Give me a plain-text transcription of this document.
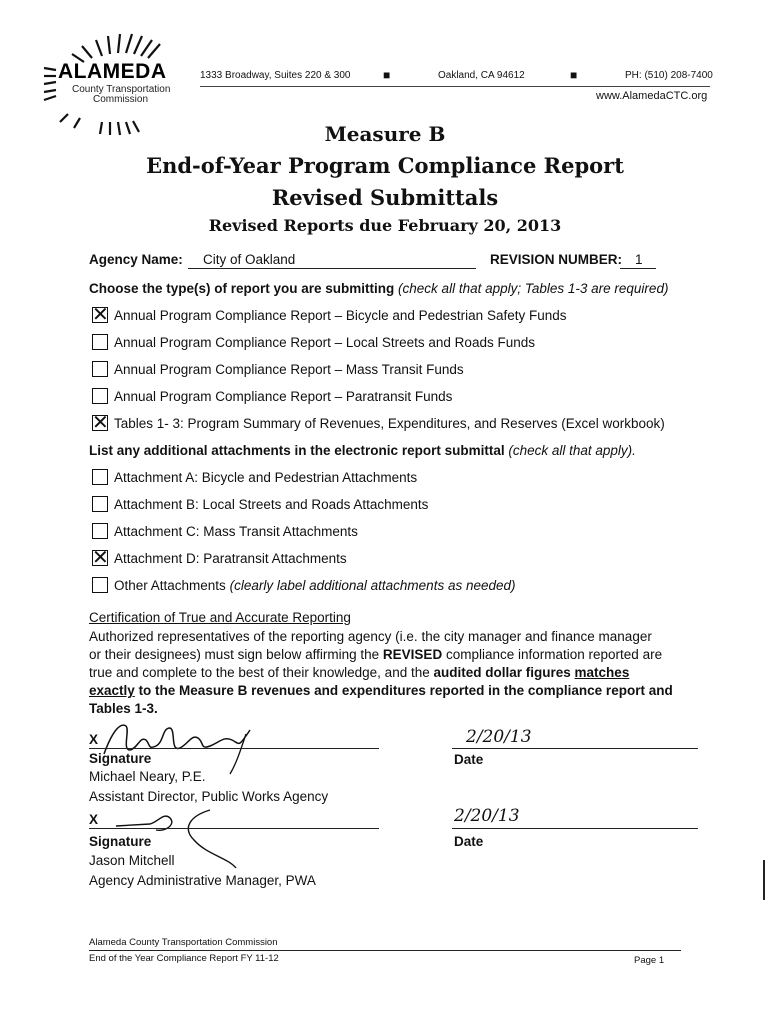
ALAMEDA
County Transportation
Commission
1333 Broadway, Suites 220 & 300	■	Oakland, CA 94612	■	PH: (510) 208-7400
www.AlamedaCTC.org
Measure B
End-of-Year Program Compliance Report
Revised Submittals
Revised Reports due February 20, 2013
Agency Name: City of Oakland	REVISION NUMBER: 1
Choose the type(s) of report you are submitting (check all that apply; Tables 1-3 are required)
✕ Annual Program Compliance Report – Bicycle and Pedestrian Safety Funds
Annual Program Compliance Report – Local Streets and Roads Funds
Annual Program Compliance Report – Mass Transit Funds
Annual Program Compliance Report – Paratransit Funds
✕ Tables 1- 3: Program Summary of Revenues, Expenditures, and Reserves (Excel workbook)
List any additional attachments in the electronic report submittal (check all that apply).
Attachment A: Bicycle and Pedestrian Attachments
Attachment B: Local Streets and Roads Attachments
Attachment C: Mass Transit Attachments
✕ Attachment D: Paratransit Attachments
Other Attachments (clearly label additional attachments as needed)
Certification of True and Accurate Reporting
Authorized representatives of the reporting agency (i.e. the city manager and finance manager
or their designees) must sign below affirming the REVISED compliance information reported are
true and complete to the best of their knowledge, and the audited dollar figures matches
exactly to the Measure B revenues and expenditures reported in the compliance report and
Tables 1-3.
X
Signature
Michael Neary, P.E.
Assistant Director, Public Works Agency
2/20/13
Date
X
Signature
Jason Mitchell
Agency Administrative Manager, PWA
2/20/13
Date
Alameda County Transportation Commission
End of the Year Compliance Report FY 11-12	Page 1
